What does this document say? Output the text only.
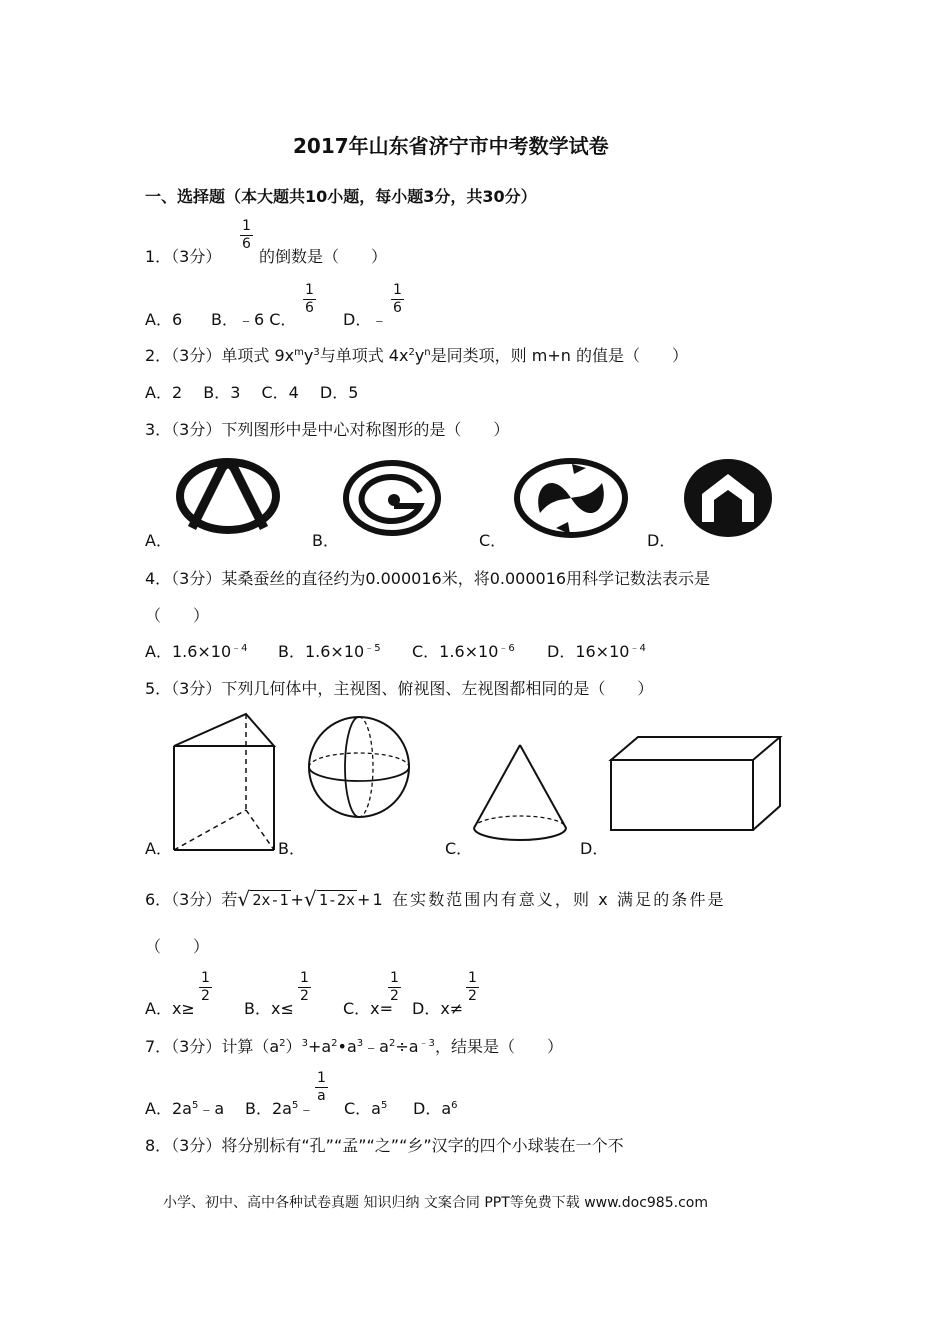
2017年山东省济宁市中考数学试卷
一、选择题（本大题共10小题，每小题3分，共30分）
1．（3分）
$\frac{1}{6}$
的倒数是（　　）
A．6 B．﹣6 C．
$\frac{1}{6}$
D．﹣
$\frac{1}{6}$
2．（3分）单项式 $9x^my^3$与单项式 $4x^2y^n$是同类项，则 m+n 的值是（　　）
A．2　 B．3　 C．4　 D．5
3．（3分）下列图形中是中心对称图形的是（　　）
A．	B．	C．	D．
4．（3分）某桑蚕丝的直径约为0.000016米，将0.000016用科学记数法表示是
（　　）
A．$1.6\times 10^{﹣4}$ B．$1.6\times 10^{﹣5}$ C．$1.6\times 10^{﹣6}$ D．$16\times 10^{﹣4}$
5．（3分）下列几何体中，主视图、俯视图、左视图都相同的是（　　）
A．	B．	C．	D．
6．（3分）若 √ 2x-1 + √ 1-2x +1 在实数范围内有意义，则 x 满足的条件是
（　　）
A．x≥
$\frac{1}{2}$
B．x≤
$\frac{1}{2}$
C．x=
$\frac{1}{2}$
D．x≠
$\frac{1}{2}$
7．（3分）计算$(a^2)^3+a^2•a^3﹣a^2\div a^{﹣3}$，结果是（　　）
A．$2a^5﹣a$ B．$2a^5﹣$
$\frac{1}{a}$
C．$a^5$ D．$a^6$
8．（3分）将分别标有“孔”“孟”“之”“乡”汉字的四个小球装在一个不
小学、初中、高中各种试卷真题 知识归纳 文案合同 PPT等免费下载 www.doc985.com
